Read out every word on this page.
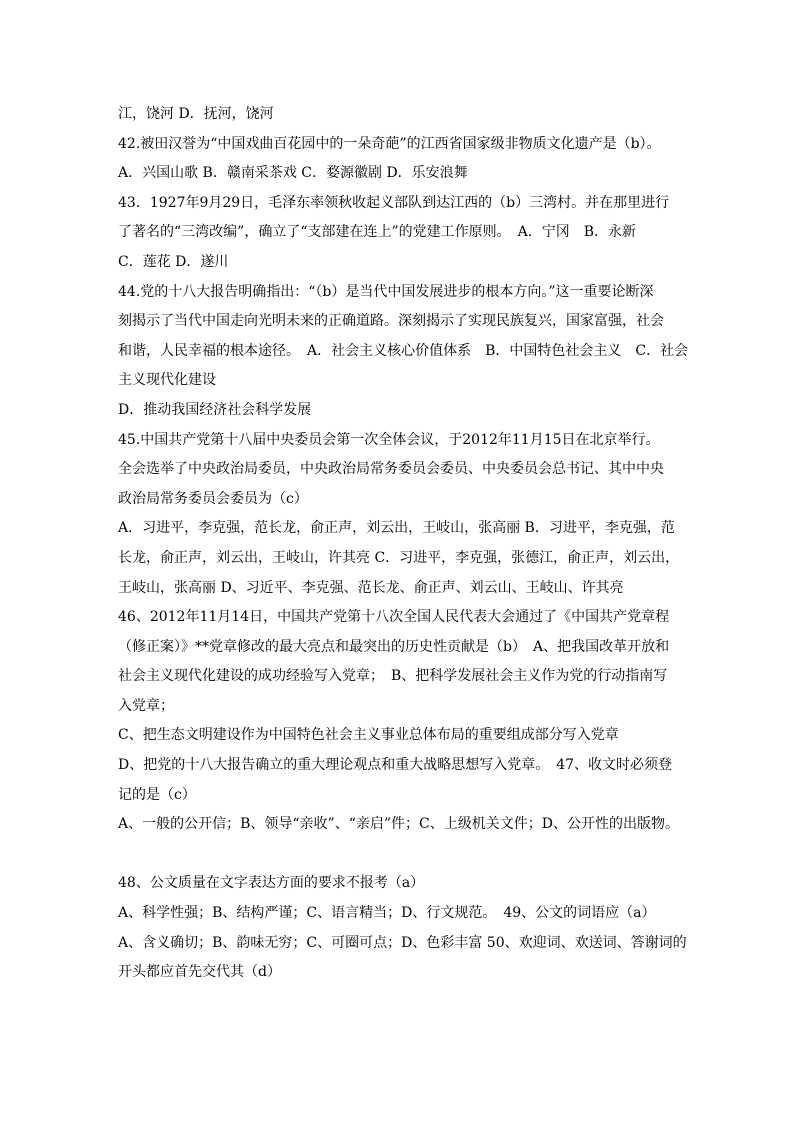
江，饶河 D．抚河，饶河
42.被田汉誉为“中国戏曲百花园中的一朵奇葩”的江西省国家级非物质文化遗产是（b）。
A．兴国山歌 B．赣南采茶戏 C．婺源徽剧 D．乐安浪舞
43．1927年9月29日，毛泽东率领秋收起义部队到达江西的（b）三湾村。并在那里进行
了著名的“三湾改编”，确立了“支部建在连上”的党建工作原则。　A．宁冈　B．永新
C．莲花 D．遂川
44.党的十八大报告明确指出：“（b）是当代中国发展进步的根本方向。”这一重要论断深
刻揭示了当代中国走向光明未来的正确道路。深刻揭示了实现民族复兴，国家富强，社会
和谐，人民幸福的根本途径。　A．社会主义核心价值体系　B．中国特色社会主义　C．社会
主义现代化建设
D．推动我国经济社会科学发展
45.中国共产党第十八届中央委员会第一次全体会议，于2012年11月15日在北京举行。
全会选举了中央政治局委员，中央政治局常务委员会委员、中央委员会总书记、其中中央
政治局常务委员会委员为（c）
A．习进平，李克强，范长龙，俞正声，刘云出，王岐山，张高丽 B．习进平，李克强，范
长龙，俞正声，刘云出，王岐山，许其亮 C．习进平，李克强，张德江，俞正声，刘云出，
王岐山，张高丽 D、习近平、李克强、范长龙、俞正声、刘云山、王岐山、许其亮
46、2012年11月14日，中国共产党第十八次全国人民代表大会通过了《中国共产党章程
（修正案）》**党章修改的最大亮点和最突出的历史性贡献是（b）　A、把我国改革开放和
社会主义现代化建设的成功经验写入党章；　B、把科学发展社会主义作为党的行动指南写
入党章；
C、把生态文明建设作为中国特色社会主义事业总体布局的重要组成部分写入党章
D、把党的十八大报告确立的重大理论观点和重大战略思想写入党章。　47、收文时必须登
记的是（c）
A、一般的公开信；B、领导“亲收”、“亲启”件；C、上级机关文件；D、公开性的出版物。
48、公文质量在文字表达方面的要求不报考（a）
A、科学性强；B、结构严谨；C、语言精当；D、行文规范。　49、公文的词语应（a）
A、含义确切；B、韵味无穷；C、可圈可点；D、色彩丰富 50、欢迎词、欢送词、答谢词的
开头都应首先交代其（d）
